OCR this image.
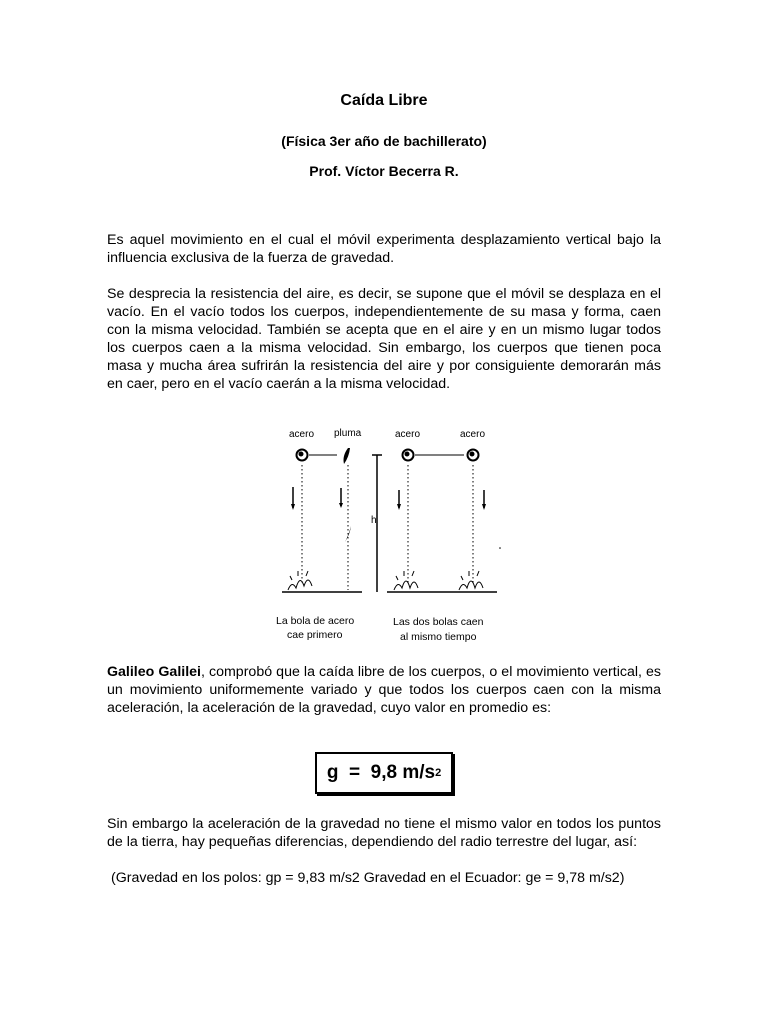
Caída Libre
(Física 3er año de bachillerato)
Prof. Víctor Becerra R.

Es aquel movimiento en el cual el móvil experimenta desplazamiento vertical bajo la influencia exclusiva de la fuerza de gravedad.

Se desprecia la resistencia del aire, es decir, se supone que el móvil se desplaza en el vacío. En el vacío todos los cuerpos, independientemente de su masa y forma, caen con la misma velocidad. También se acepta que en el aire y en un mismo lugar todos los cuerpos caen a la misma velocidad. Sin embargo, los cuerpos que tienen poca masa y mucha área sufrirán la resistencia del aire y por consiguiente demorarán más en caer, pero en el vacío caerán a la misma velocidad.

acero pluma	acero	acero
h
La bola de acero
cae primero
Las dos bolas caen
al mismo tiempo

Galileo Galilei, comprobó que la caída libre de los cuerpos, o el movimiento vertical, es un movimiento uniformemente variado y que todos los cuerpos caen con la misma aceleración, la aceleración de la gravedad, cuyo valor en promedio es:

g  =  9,8 m/s 2

Sin embargo la aceleración de la gravedad no tiene el mismo valor en todos los puntos de la tierra, hay pequeñas diferencias, dependiendo del radio terrestre del lugar, así:

(Gravedad en los polos: gp = 9,83 m/s2 Gravedad en el Ecuador: ge = 9,78 m/s2)
